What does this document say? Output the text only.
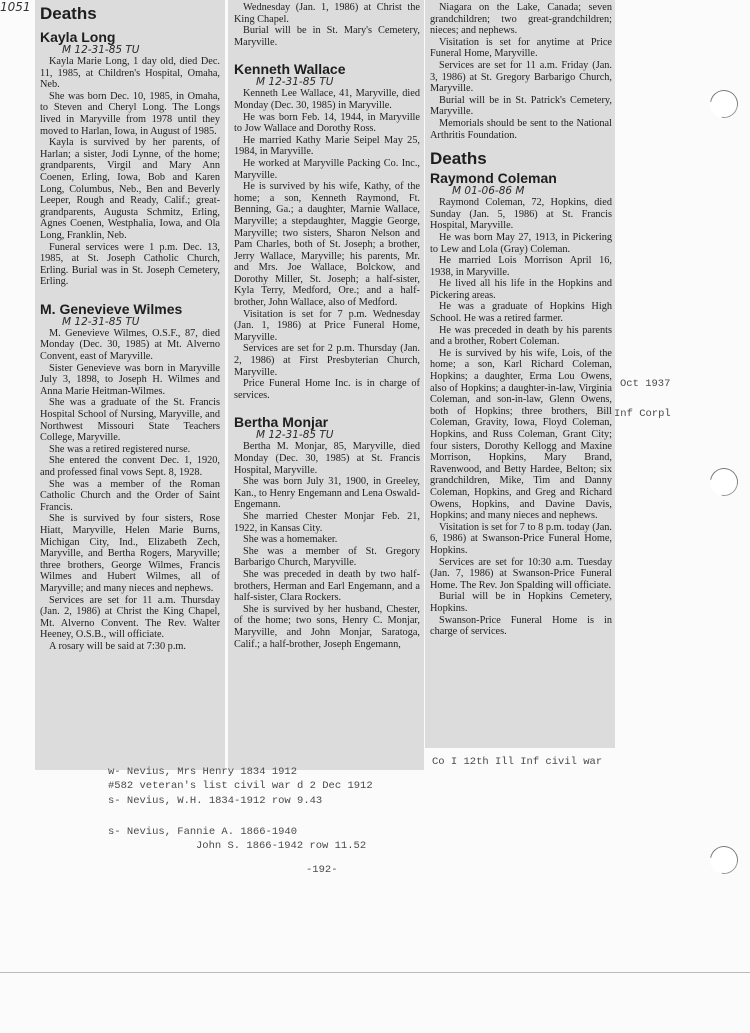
1051 Deaths
Kayla Long
M 12-31-85 TU

Kayla Marie Long, 1 day old, died Dec. 11, 1985, at Children's Hospital, Omaha, Neb.

She was born Dec. 10, 1985, in Omaha, to Steven and Cheryl Long. The Longs lived in Maryville from 1978 until they moved to Harlan, Iowa, in August of 1985.

Kayla is survived by her parents, of Harlan; a sister, Jodi Lynne, of the home; grandparents, Virgil and Mary Ann Coenen, Erling, Iowa, Bob and Karen Long, Columbus, Neb., Ben and Beverly Leeper, Rough and Ready, Calif.; great-grandparents, Augusta Schmitz, Erling, Agnes Coenen, Westphalia, Iowa, and Ola Long, Franklin, Neb.

Funeral services were 1 p.m. Dec. 13, 1985, at St. Joseph Catholic Church, Erling. Burial was in St. Joseph Cemetery, Erling.

M. Genevieve Wilmes
M 12-31-85 TU

M. Genevieve Wilmes, O.S.F., 87, died Monday (Dec. 30, 1985) at Mt. Alverno Convent, east of Maryville.

Sister Genevieve was born in Maryville July 3, 1898, to Joseph H. Wilmes and Anna Marie Heitman-Wilmes.

She was a graduate of the St. Francis Hospital School of Nursing, Maryville, and Northwest Missouri State Teachers College, Maryville.

She was a retired registered nurse.

She entered the convent Dec. 1, 1920, and professed final vows Sept. 8, 1928.

She was a member of the Roman Catholic Church and the Order of Saint Francis.

She is survived by four sisters, Rose Hiatt, Maryville, Helen Marie Burns, Michigan City, Ind., Elizabeth Zech, Maryville, and Bertha Rogers, Maryville; three brothers, George Wilmes, Francis Wilmes and Hubert Wilmes, all of Maryville; and many nieces and nephews.

Services are set for 11 a.m. Thursday (Jan. 2, 1986) at Christ the King Chapel, Mt. Alverno Convent. The Rev. Walter Heeney, O.S.B., will officiate.

A rosary will be said at 7:30 p.m.

Wednesday (Jan. 1, 1986) at Christ the King Chapel.

Burial will be in St. Mary's Cemetery, Maryville.

Kenneth Wallace
M 12-31-85 TU

Kenneth Lee Wallace, 41, Maryville, died Monday (Dec. 30, 1985) in Maryville.

He was born Feb. 14, 1944, in Maryville to Jow Wallace and Dorothy Ross.

He married Kathy Marie Seipel May 25, 1984, in Maryville.

He worked at Maryville Packing Co. Inc., Maryville.

He is survived by his wife, Kathy, of the home; a son, Kenneth Raymond, Ft. Benning, Ga.; a daughter, Marnie Wallace, Maryville; a stepdaughter, Maggie George, Maryville; two sisters, Sharon Nelson and Pam Charles, both of St. Joseph; a brother, Jerry Wallace, Maryville; his parents, Mr. and Mrs. Joe Wallace, Bolckow, and Dorothy Miller, St. Joseph; a half-sister, Kyla Terry, Medford, Ore.; and a half-brother, John Wallace, also of Medford.

Visitation is set for 7 p.m. Wednesday (Jan. 1, 1986) at Price Funeral Home, Maryville.

Services are set for 2 p.m. Thursday (Jan. 2, 1986) at First Presbyterian Church, Maryville.

Price Funeral Home Inc. is in charge of services.

Bertha Monjar
M 12-31-85 TU

Bertha M. Monjar, 85, Maryville, died Monday (Dec. 30, 1985) at St. Francis Hospital, Maryville.

She was born July 31, 1900, in Greeley, Kan., to Henry Engemann and Lena Oswald-Engemann.

She married Chester Monjar Feb. 21, 1922, in Kansas City.

She was a homemaker.

She was a member of St. Gregory Barbarigo Church, Maryville.

She was preceded in death by two half-brothers, Herman and Earl Engemann, and a half-sister, Clara Rockers.

She is survived by her husband, Chester, of the home; two sons, Henry C. Monjar, Maryville, and John Monjar, Saratoga, Calif.; a half-brother, Joseph Engemann,

Niagara on the Lake, Canada; seven grandchildren; two great-grandchildren; nieces; and nephews.

Visitation is set for anytime at Price Funeral Home, Maryville.

Services are set for 11 a.m. Friday (Jan. 3, 1986) at St. Gregory Barbarigo Church, Maryville.

Burial will be in St. Patrick's Cemetery, Maryville.

Memorials should be sent to the National Arthritis Foundation.

Deaths
Raymond Coleman
M 01-06-86 M

Raymond Coleman, 72, Hopkins, died Sunday (Jan. 5, 1986) at St. Francis Hospital, Maryville.

He was born May 27, 1913, in Pickering to Lew and Lola (Gray) Coleman.

He married Lois Morrison April 16, 1938, in Maryville.

He lived all his life in the Hopkins and Pickering areas.

He was a graduate of Hopkins High School. He was a retired farmer.

He was preceded in death by his parents and a brother, Robert Coleman.

He is survived by his wife, Lois, of the home; a son, Karl Richard Coleman, Hopkins; a daughter, Erma Lou Owens, also of Hopkins; a daughter-in-law, Virginia Coleman, and son-in-law, Glenn Owens, both of Hopkins; three brothers, Bill Coleman, Gravity, Iowa, Floyd Coleman, Hopkins, and Russ Coleman, Grant City; four sisters, Dorothy Kellogg and Maxine Morrison, Hopkins, Mary Brand, Ravenwood, and Betty Hardee, Belton; six grandchildren, Mike, Tim and Danny Coleman, Hopkins, and Greg and Richard Owens, Hopkins, and Davine Davis, Hopkins; and many nieces and nephews.

Visitation is set for 7 to 8 p.m. today (Jan. 6, 1986) at Swanson-Price Funeral Home, Hopkins.

Services are set for 10:30 a.m. Tuesday (Jan. 7, 1986) at Swanson-Price Funeral Home. The Rev. Jon Spalding will officiate.

Burial will be in Hopkins Cemetery, Hopkins.

Swanson-Price Funeral Home is in charge of services.

Oct 1937
Inf Corpl
w- Nevius, Mrs Henry 1834 1912
Co I 12th Ill Inf civil war
#582 veteran's list civil war d 2 Dec 1912
s- Nevius, W.H. 1834-1912 row 9.43
s- Nevius, Fannie A. 1866-1940
John S. 1866-1942 row 11.52
-192-
